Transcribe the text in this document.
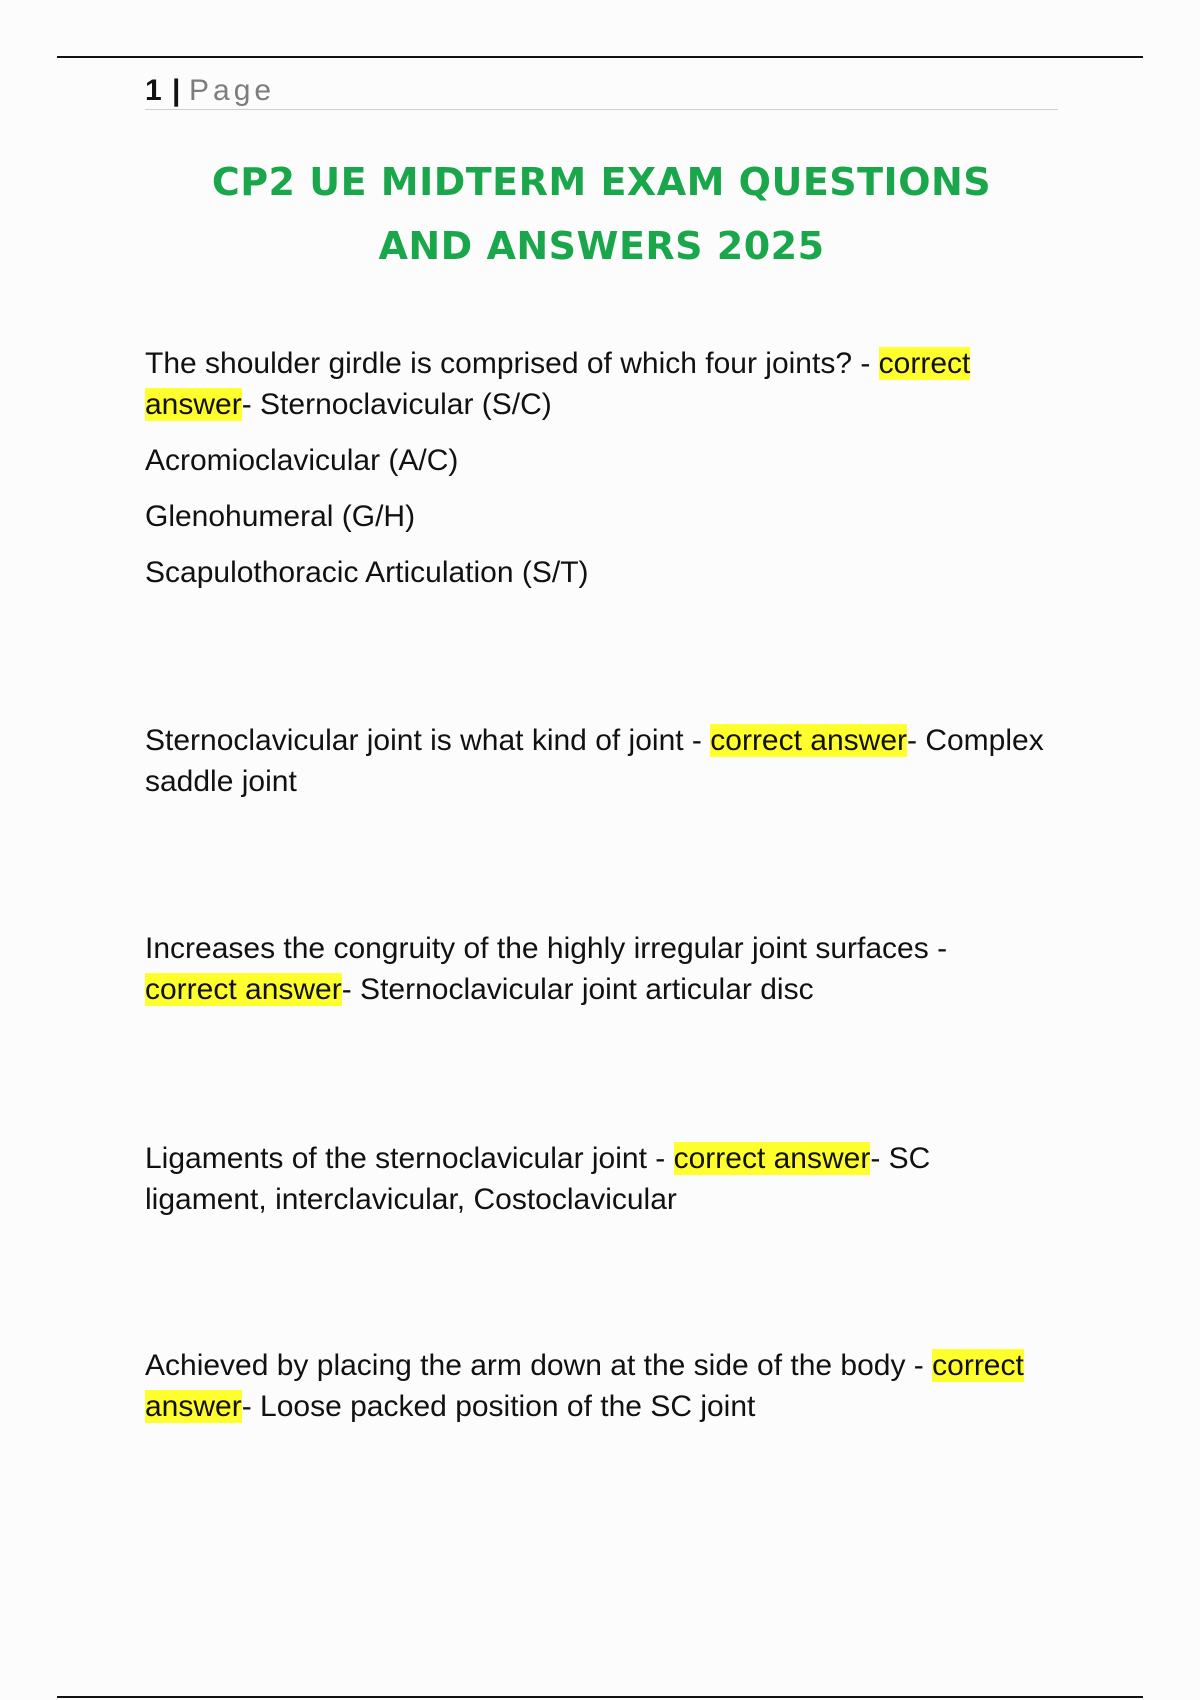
1 | Page
CP2 UE MIDTERM EXAM QUESTIONS
AND ANSWERS 2025

The shoulder girdle is comprised of which four joints? - correct answer- Sternoclavicular (S/C)

Acromioclavicular (A/C)

Glenohumeral (G/H)

Scapulothoracic Articulation (S/T)

Sternoclavicular joint is what kind of joint - correct answer- Complex saddle joint

Increases the congruity of the highly irregular joint surfaces - correct answer- Sternoclavicular joint articular disc

Ligaments of the sternoclavicular joint - correct answer- SC ligament, interclavicular, Costoclavicular

Achieved by placing the arm down at the side of the body - correct answer- Loose packed position of the SC joint
